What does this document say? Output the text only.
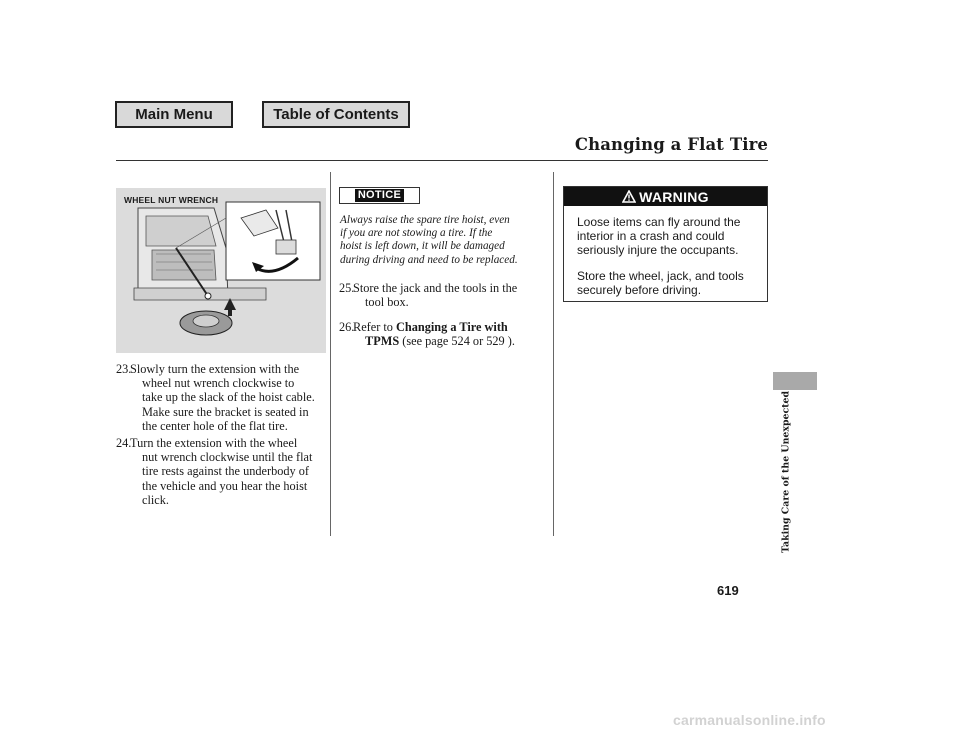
Main Menu	Table of Contents
Changing a Flat Tire
WHEEL NUT WRENCH
23.
Slowly turn the extension with the
wheel nut wrench clockwise to
take up the slack of the hoist cable.
Make sure the bracket is seated in
the center hole of the flat tire.
24.
Turn the extension with the wheel
nut wrench clockwise until the flat
tire rests against the underbody of
the vehicle and you hear the hoist
click.
NOTICE
Always raise the spare tire hoist, even
if you are not stowing a tire. If the
hoist is left down, it will be damaged
during driving and need to be replaced.
25.
Store the jack and the tools in the
tool box.
26.
Refer to Changing a Tire with
TPMS (see page 524 or 529 ).
WARNING
Loose items can fly around the
interior in a crash and could
seriously injure the occupants.
Store the wheel, jack, and tools
securely before driving.
Taking Care of the Unexpected
619
carmanualsonline.info
